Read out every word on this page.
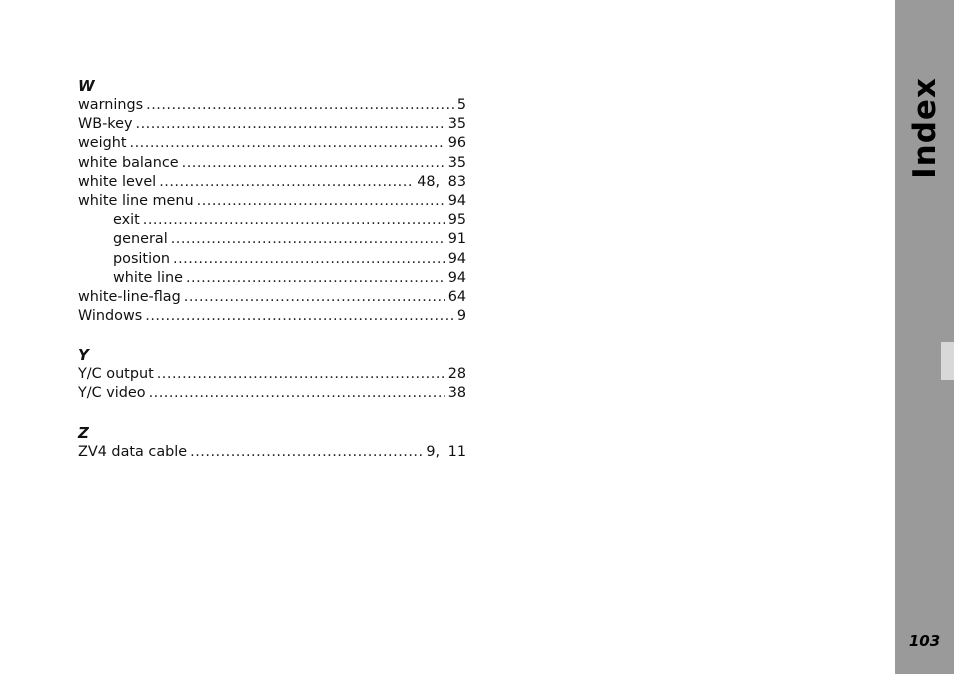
W
warnings .....	5
WB-key .....	35
weight .....	96
white balance .....	35
white level .....	48, 83
white line menu .....	94
exit .....	95
general .....	91
position .....	94
white line .....	94
white-line-flag .....	64
Windows .....	9
Y
Y/C output .....	28
Y/C video .....	38
Z
ZV4 data cable .....	9, 11
Index
103
